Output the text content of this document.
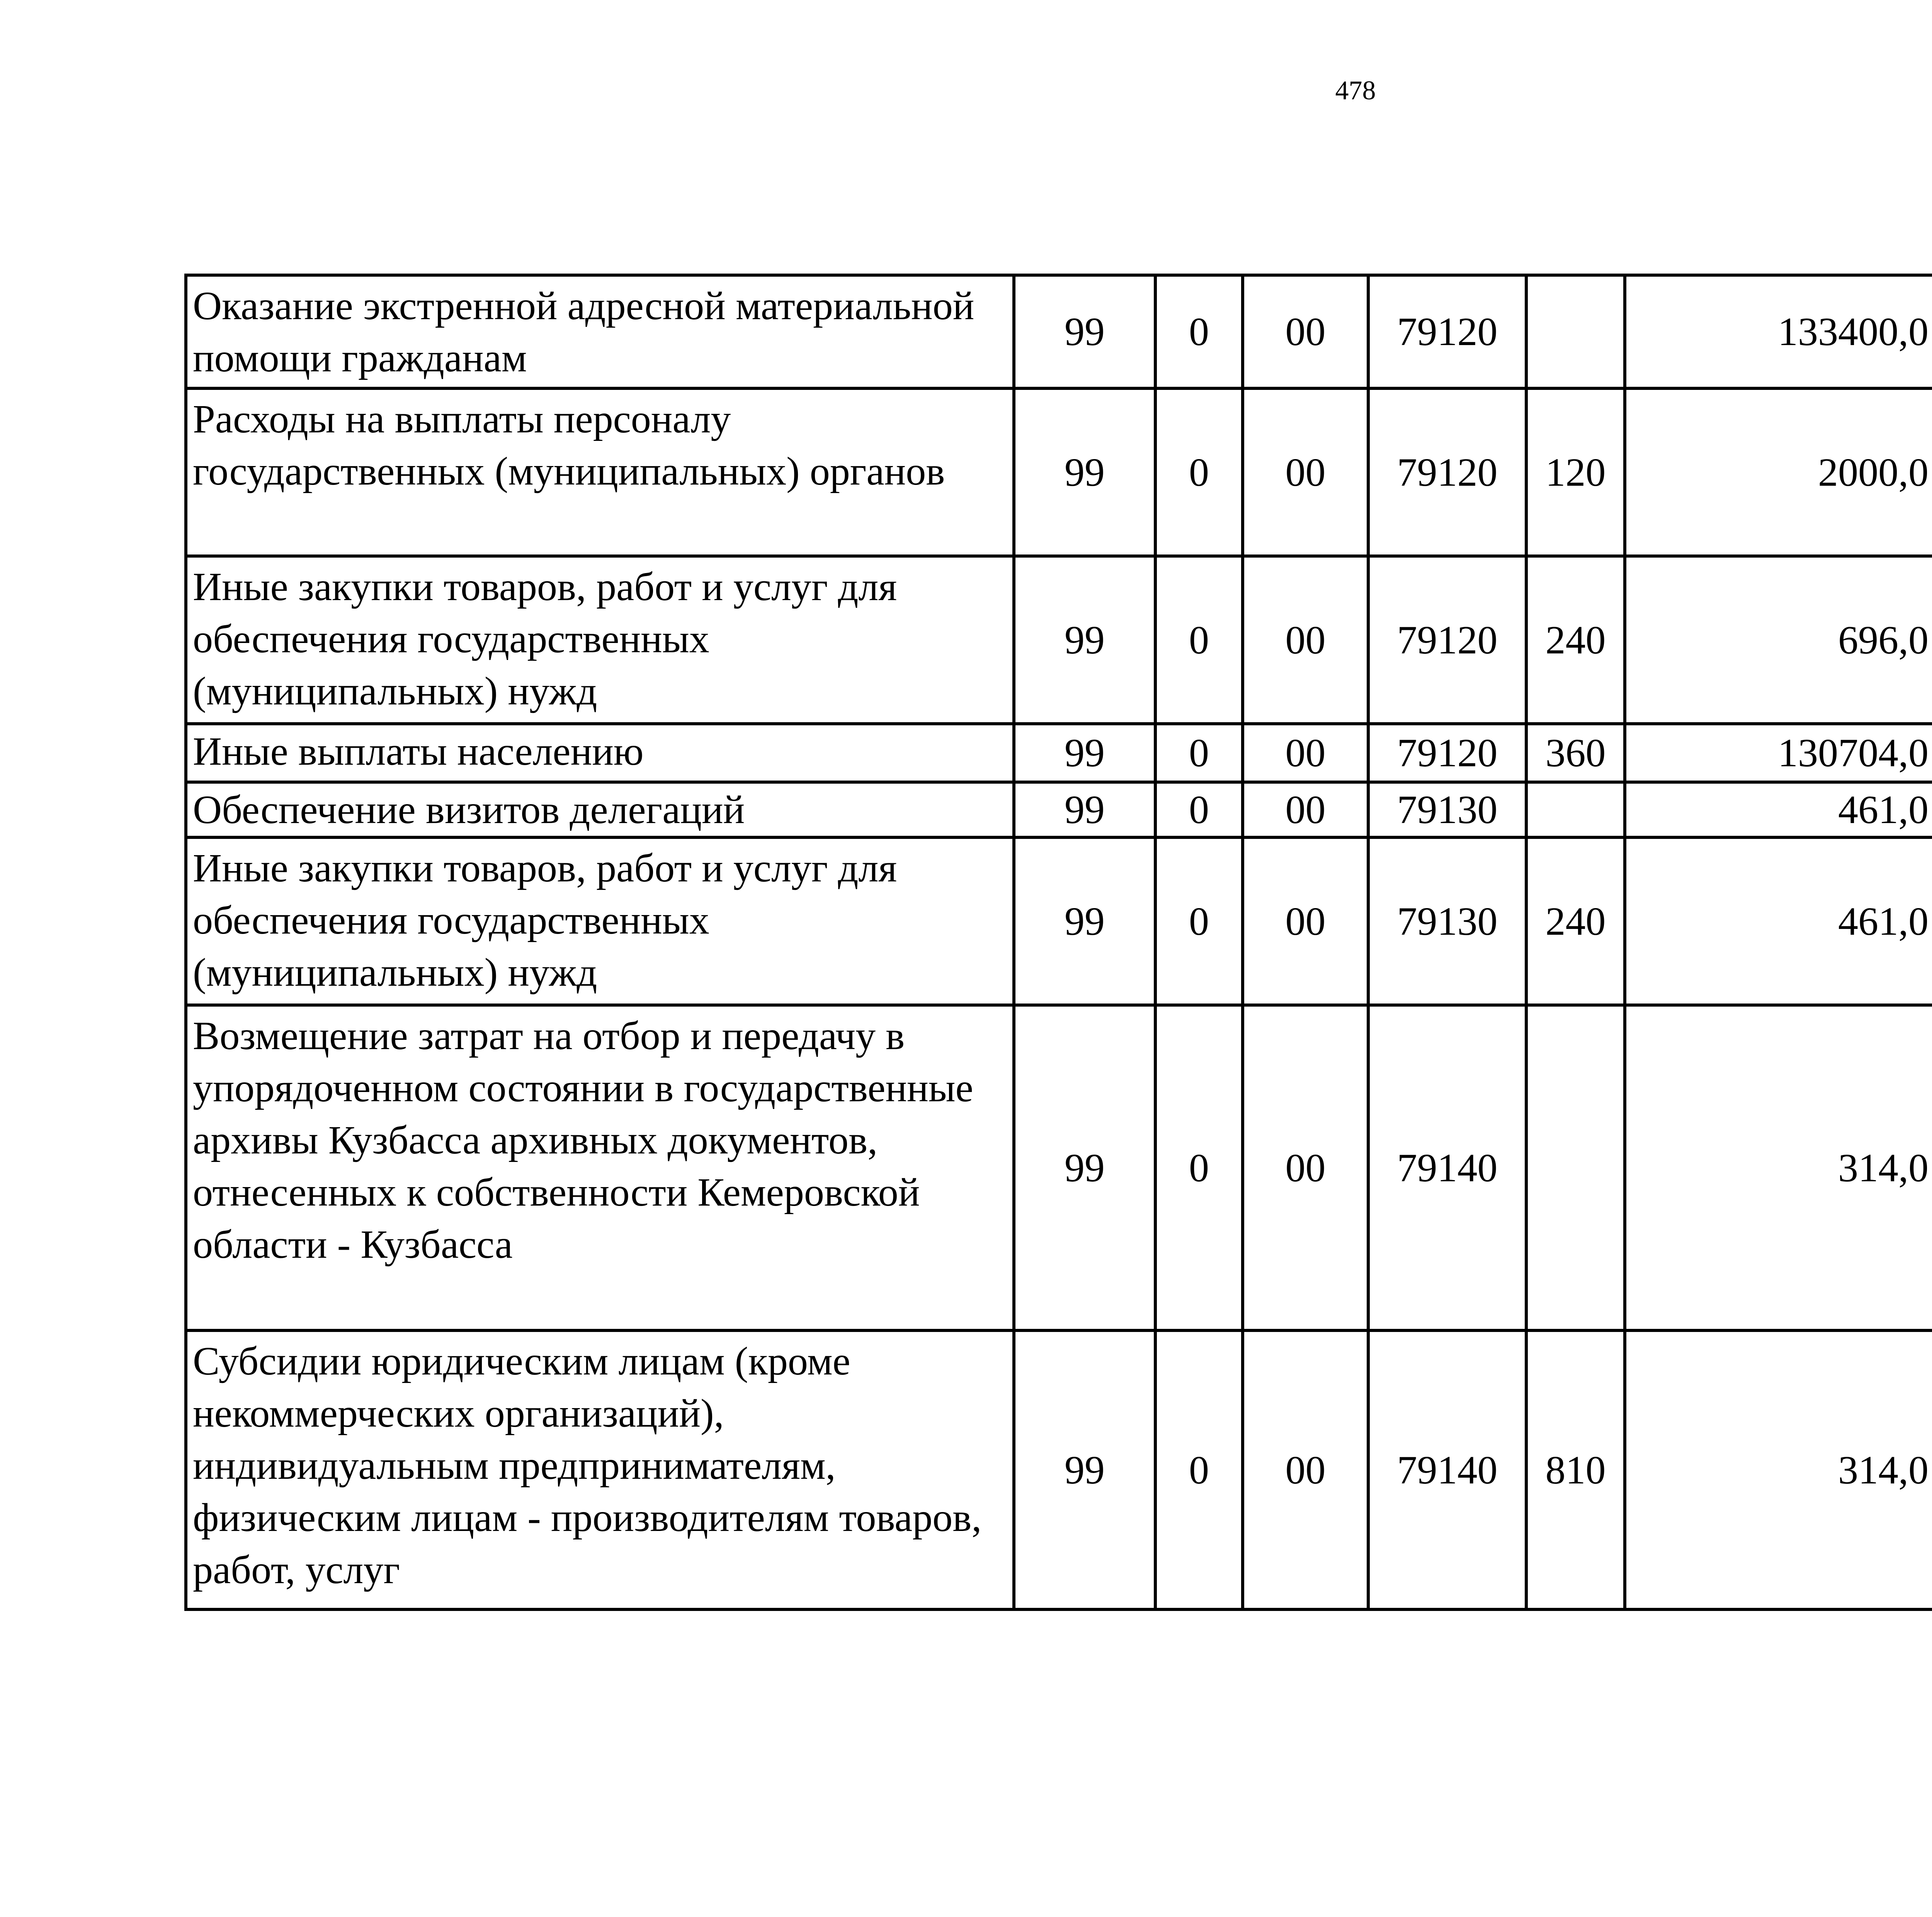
478
Оказание экстренной адресной материальной помощи гражданам	99	0	00	79120		133400,0		
Расходы на выплаты персоналу государственных (муниципальных) органов	99	0	00	79120	120	2000,0		
Иные закупки товаров, работ и услуг для обеспечения государственных (муниципальных) нужд	99	0	00	79120	240	696,0		
Иные выплаты населению	99	0	00	79120	360	130704,0		
Обеспечение визитов делегаций	99	0	00	79130		461,0		
Иные закупки товаров, работ и услуг для обеспечения государственных (муниципальных) нужд	99	0	00	79130	240	461,0		
Возмещение затрат на отбор и передачу в упорядоченном состоянии в государственные архивы Кузбасса архивных документов, отнесенных к собственности Кемеровской области - Кузбасса	99	0	00	79140		314,0		
Субсидии юридическим лицам (кроме некоммерческих организаций), индивидуальным предпринимателям, физическим лицам - производителям товаров, работ, услуг	99	0	00	79140	810	314,0		
